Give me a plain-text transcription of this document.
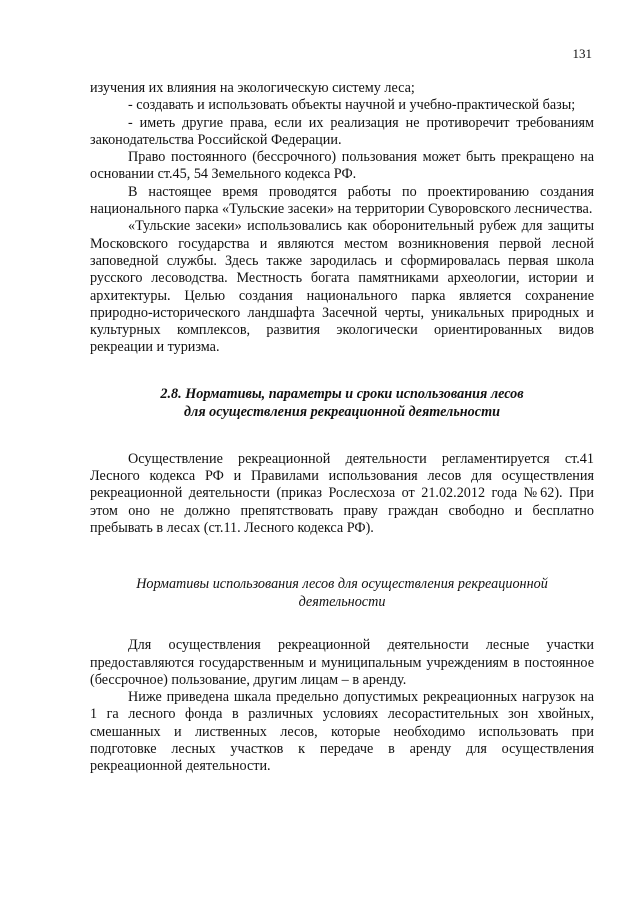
131

изучения их влияния на экологическую систему леса;

- создавать и использовать объекты научной и учебно-практической базы;

- иметь другие права, если их реализация не противоречит требованиям законодательства Российской Федерации.

Право постоянного (бессрочного) пользования может быть прекращено на основании ст.45, 54 Земельного кодекса РФ.

В настоящее время проводятся работы по проектированию создания национального парка «Тульские засеки» на территории Суворовского лесничества.

«Тульские засеки» использовались как оборонительный рубеж для защиты Московского государства и являются местом возникновения первой лесной заповедной службы. Здесь также зародилась и сформировалась первая школа русского лесоводства. Местность богата памятниками археологии, истории и архитектуры. Целью создания национального парка является сохранение природно-исторического ландшафта Засечной черты, уникальных природных и культурных комплексов, развития экологически ориентированных видов рекреации и туризма.

2.8. Нормативы, параметры и сроки использования лесов
для осуществления рекреационной деятельности

Осуществление рекреационной деятельности регламентируется ст.41 Лесного кодекса РФ и Правилами использования лесов для осуществления рекреационной деятельности (приказ Рослесхоза от 21.02.2012 года №62). При этом оно не должно препятствовать праву граждан свободно и бесплатно пребывать в лесах (ст.11. Лесного кодекса РФ).

Нормативы использования лесов для осуществления рекреационной
деятельности

Для осуществления рекреационной деятельности лесные участки предоставляются государственным и муниципальным учреждениям в постоянное (бессрочное) пользование, другим лицам – в аренду.

Ниже приведена шкала предельно допустимых рекреационных нагрузок на 1 га лесного фонда в различных условиях лесорастительных зон хвойных, смешанных и лиственных лесов, которые необходимо использовать при подготовке лесных участков к передаче в аренду для осуществления рекреационной деятельности.
